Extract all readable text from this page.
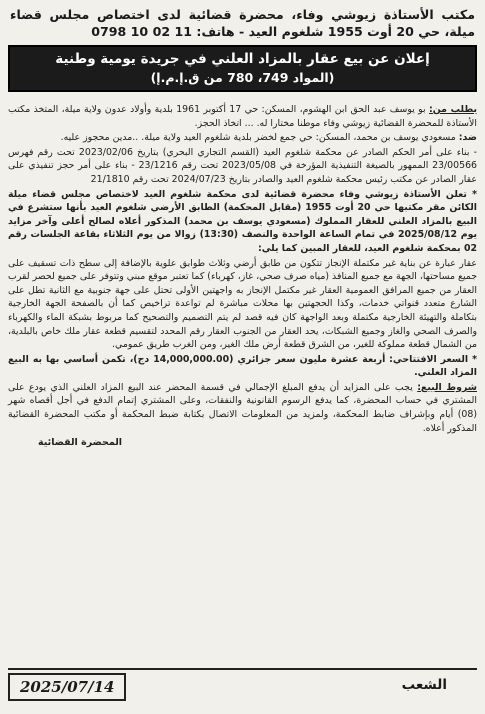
مكتب الأستاذة زيوشي وفاء، محضرة قضائية لدى اختصاص مجلس قضاء ميلة، حي 20 أوت 1955 شلغوم العيد - هاتف: 11 02 10 0798
إعلان عن بيع عقار بالمزاد العلني في جريدة يومية وطنية
(المواد 749، 780 من ق.إ.م.إ)

بطلب من: بو يوسف عبد الحق ابن الهشوم، المسكن: حي 17 أكتوبر 1961 بلدية وأولاد عدون ولاية ميلة، المتخذ مكتب الأستاذة للمحضرة القضائية زيوشي وفاء موطنا مختارا له. ... اتخاذ الحجز.

ضد: مسعودي يوسف بن محمد، المسكن: حي جمع لخضر بلدية شلغوم العيد ولاية ميلة. ..مدين محجوز عليه.

- بناء على أمر الحكم الصادر عن محكمة شلغوم العيد (القسم التجاري البحري) بتاريخ 2023/02/06 تحت رقم فهرس 23/00566 الممهور بالصيغة التنفيذية المؤرخة في 2023/05/08 تحت رقم 23/1216 - بناء على أمر حجز تنفيذي على عقار الصادر عن مكتب رئيس محكمة شلغوم العيد والصادر بتاريخ 2024/07/23 تحت رقم 21/1810

* تعلن الأستاذة زيوشي وفاء محضرة قضائية لدى محكمة شلغوم العيد لاختصاص مجلس قضاء ميلة الكائن مقر مكتبها حي 20 أوت 1955 (مقابل المحكمة) الطابق الأرضي شلغوم العيد بأنها ستشرع في البيع بالمزاد العلني للعقار المملوك (مسعودي يوسف بن محمد) المذكور أعلاه لصالح أعلى وآخر مزايد يوم 2025/08/12 في تمام الساعة الواحدة والنصف (13:30) زوالا من يوم الثلاثاء بقاعة الجلسات رقم 02 بمحكمة شلغوم العيد، للعقار المبين كما يلي:

عقار عبارة عن بناية غير مكتملة الإنجاز تتكون من طابق أرضي وثلاث طوابق علوية بالإضافة إلى سطح ذات تسقيف على جميع مساحتها، الجهة مع جميع المنافذ (مياه صرف صحي، غاز، كهرباء) كما تعتبر موقع مبني وتتوفر على جميع لحصر لقرب العقار من جميع المرافق العمومية العقار غير مكتمل الإنجاز به واجهتين الأولى تحتل على جهة جنوبية مع الثانية تطل على الشارع متعدد قنواتي خدمات، وكذا الحجهتين بها محلات مباشرة لم تواعدة تراخيص كما أن بالصفحة الجهة الخارجية بتكاملة والتهيئة الخارجية مكتملة وبعد الواجهة كان فيه قصد لم يتم التصميم والتصحيح كما مربوط بشبكة الماء والكهرباء والصرف الصحي والغاز وجميع الشبكات، يحد العقار من الجنوب العقار رقم المحدد لتقسيم قطعة عقار ملك خاص بالبلدية، من الشمال قطعة مملوكة للغير، من الشرق قطعة أرض ملك الغير، ومن الغرب طريق عمومي.

* السعر الافتتاحي: أربعة عشرة مليون سعر جزائري (14,000,000.00 دج)، تكمن أساسي بها به البيع المزاد العلني.

شروط البيع: يجب على المزايد أن يدفع المبلغ الإجمالي في قسمة المحضر عند البيع المزاد العلني الذي يودع على المشتري في حساب المحضرة، كما يدفع الرسوم القانونية والنفقات، وعلى المشتري إتمام الدفع في أجل أقصاه شهر (08) أيام وبإشراف ضابط المحكمة، ولمزيد من المعلومات الاتصال بكتابة ضبط المحكمة أو مكتب المحضرة القضائية المذكور أعلاه.

المحضرة القضائية
2025/07/14	الشعب
